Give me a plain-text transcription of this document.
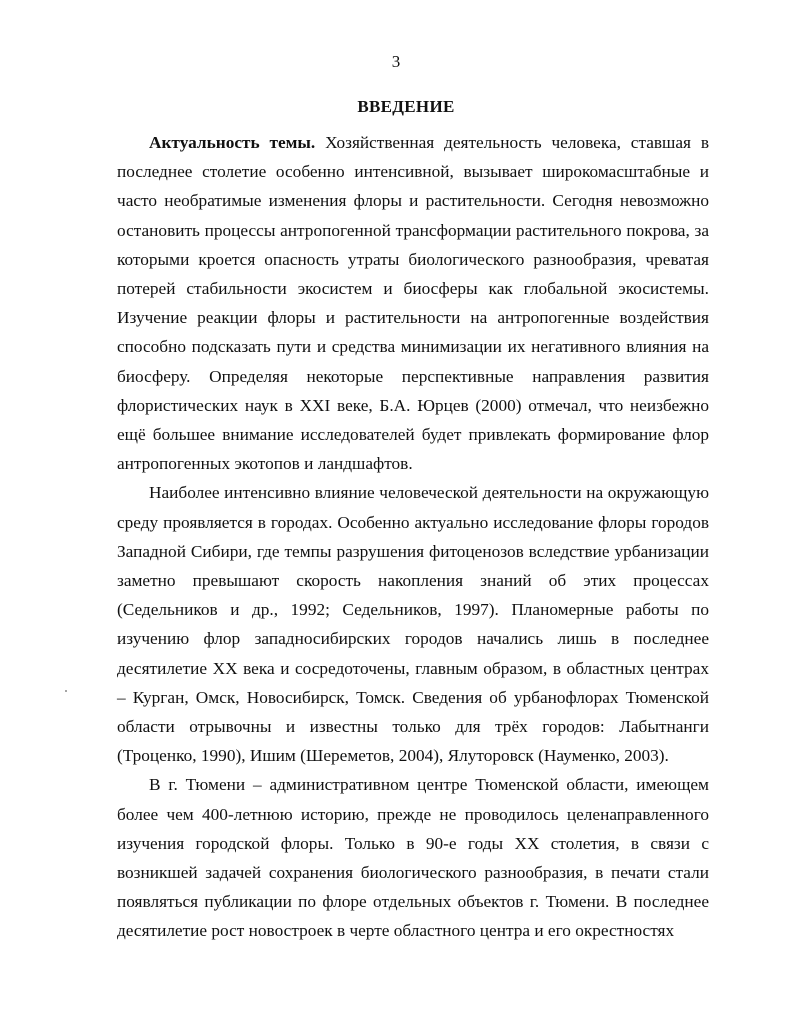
3
ВВЕДЕНИЕ

Актуальность темы. Хозяйственная деятельность человека, ставшая в последнее столетие особенно интенсивной, вызывает широкомасштабные и часто необратимые изменения флоры и растительности. Сегодня невозможно остановить процессы антропогенной трансформации растительного покрова, за которыми кроется опасность утраты биологического разнообразия, чреватая потерей стабильности экосистем и биосферы как глобальной экосистемы. Изучение реакции флоры и растительности на антропогенные воздействия способно подсказать пути и средства минимизации их негативного влияния на биосферу. Определяя некоторые перспективные направления развития флористических наук в XXI веке, Б.А. Юрцев (2000) отмечал, что неизбежно ещё большее внимание исследователей будет привлекать формирование флор антропогенных экотопов и ландшафтов.

Наиболее интенсивно влияние человеческой деятельности на окружающую среду проявляется в городах. Особенно актуально исследование флоры городов Западной Сибири, где темпы разрушения фитоценозов вследствие урбанизации заметно превышают скорость накопления знаний об этих процессах (Седельников и др., 1992; Седельников, 1997). Планомерные работы по изучению флор западносибирских городов начались лишь в последнее десятилетие XX века и сосредоточены, главным образом, в областных центрах – Курган, Омск, Новосибирск, Томск. Сведения об урбанофлорах Тюменской области отрывочны и известны только для трёх городов: Лабытнанги (Троценко, 1990), Ишим (Шереметов, 2004), Ялуторовск (Науменко, 2003).

В г. Тюмени – административном центре Тюменской области, имеющем более чем 400-летнюю историю, прежде не проводилось целенаправленного изучения городской флоры. Только в 90-е годы XX столетия, в связи с возникшей задачей сохранения биологического разнообразия, в печати стали появляться публикации по флоре отдельных объектов г. Тюмени. В последнее десятилетие рост новостроек в черте областного центра и его окрестностях
